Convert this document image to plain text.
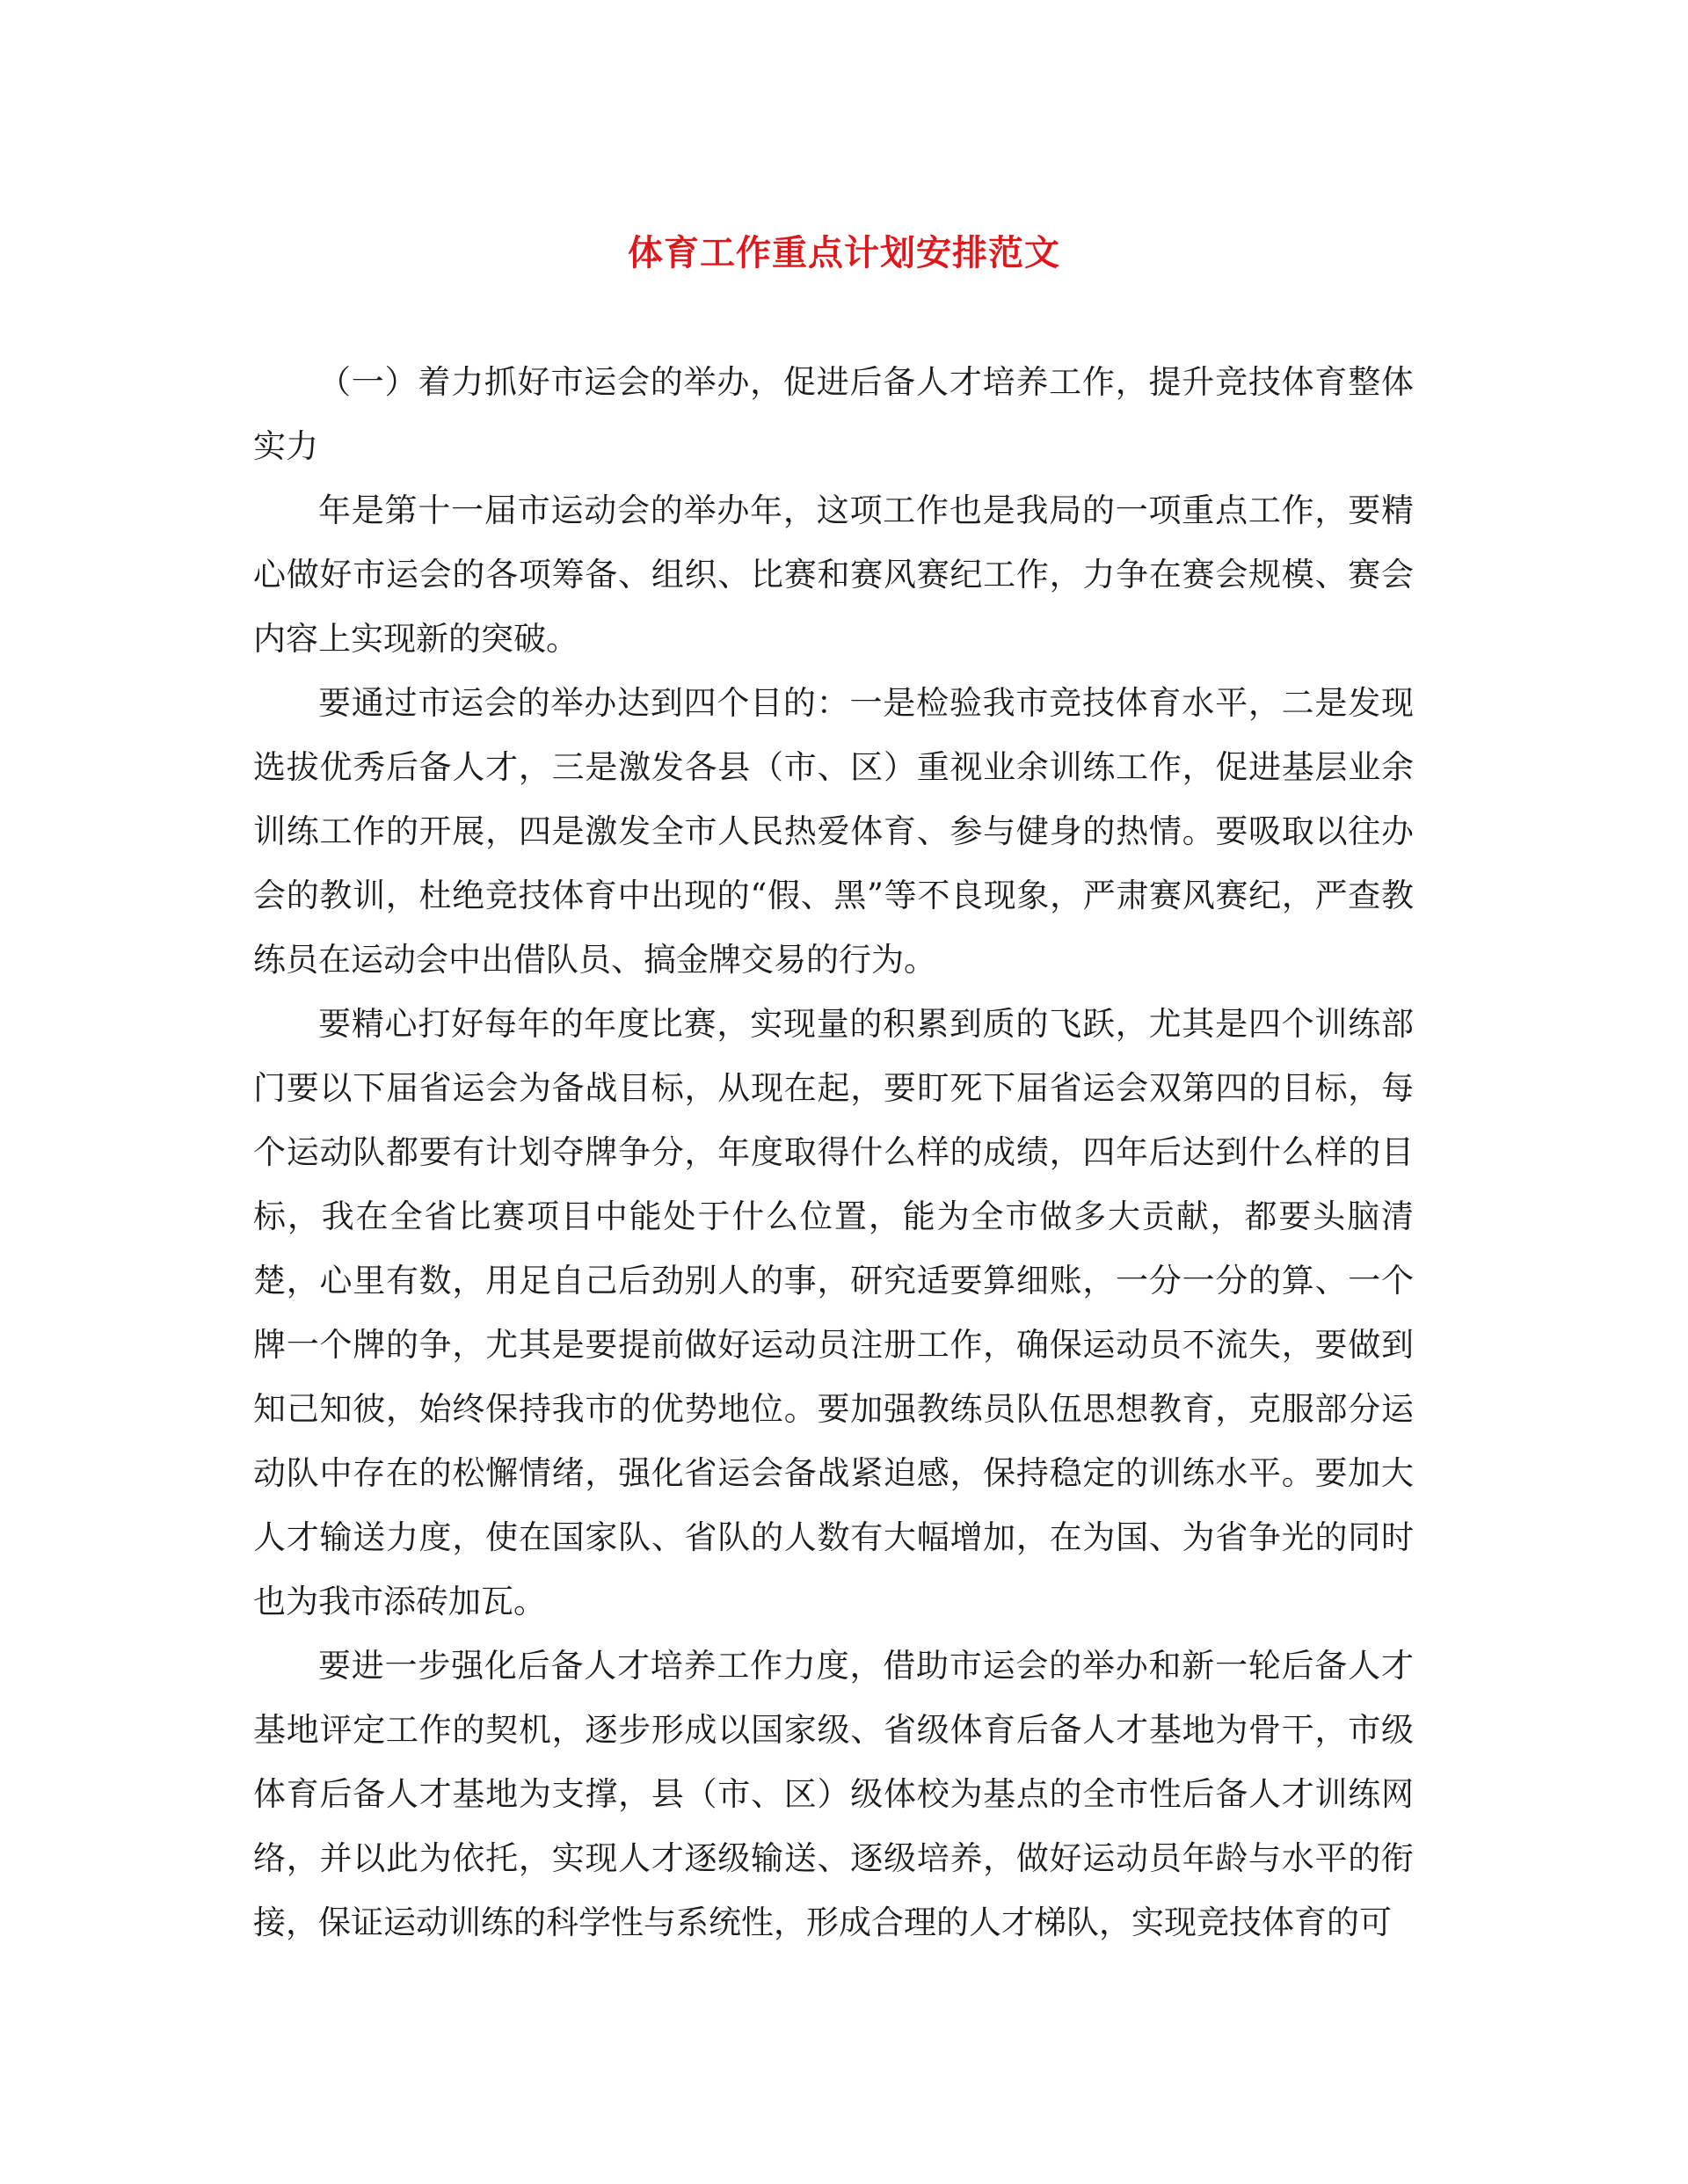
体育工作重点计划安排范文

（一）着力抓好市运会的举办，促进后备人才培养工作，提升竞技体育整体实力

年是第十一届市运动会的举办年，这项工作也是我局的一项重点工作，要精心做好市运会的各项筹备、组织、比赛和赛风赛纪工作，力争在赛会规模、赛会内容上实现新的突破。

要通过市运会的举办达到四个目的：一是检验我市竞技体育水平，二是发现选拔优秀后备人才，三是激发各县（市、区）重视业余训练工作，促进基层业余训练工作的开展，四是激发全市人民热爱体育、参与健身的热情。要吸取以往办会的教训，杜绝竞技体育中出现的“假、黑”等不良现象，严肃赛风赛纪，严查教练员在运动会中出借队员、搞金牌交易的行为。

要精心打好每年的年度比赛，实现量的积累到质的飞跃，尤其是四个训练部门要以下届省运会为备战目标，从现在起，要盯死下届省运会双第四的目标，每个运动队都要有计划夺牌争分，年度取得什么样的成绩，四年后达到什么样的目标，我在全省比赛项目中能处于什么位置，能为全市做多大贡献，都要头脑清楚，心里有数，用足自己后劲别人的事，研究适要算细账，一分一分的算、一个牌一个牌的争，尤其是要提前做好运动员注册工作，确保运动员不流失，要做到知己知彼，始终保持我市的优势地位。要加强教练员队伍思想教育，克服部分运动队中存在的松懈情绪，强化省运会备战紧迫感，保持稳定的训练水平。要加大人才输送力度，使在国家队、省队的人数有大幅增加，在为国、为省争光的同时也为我市添砖加瓦。

要进一步强化后备人才培养工作力度，借助市运会的举办和新一轮后备人才基地评定工作的契机，逐步形成以国家级、省级体育后备人才基地为骨干，市级体育后备人才基地为支撑，县（市、区）级体校为基点的全市性后备人才训练网络，并以此为依托，实现人才逐级输送、逐级培养，做好运动员年龄与水平的衔接，保证运动训练的科学性与系统性，形成合理的人才梯队，实现竞技体育的可
